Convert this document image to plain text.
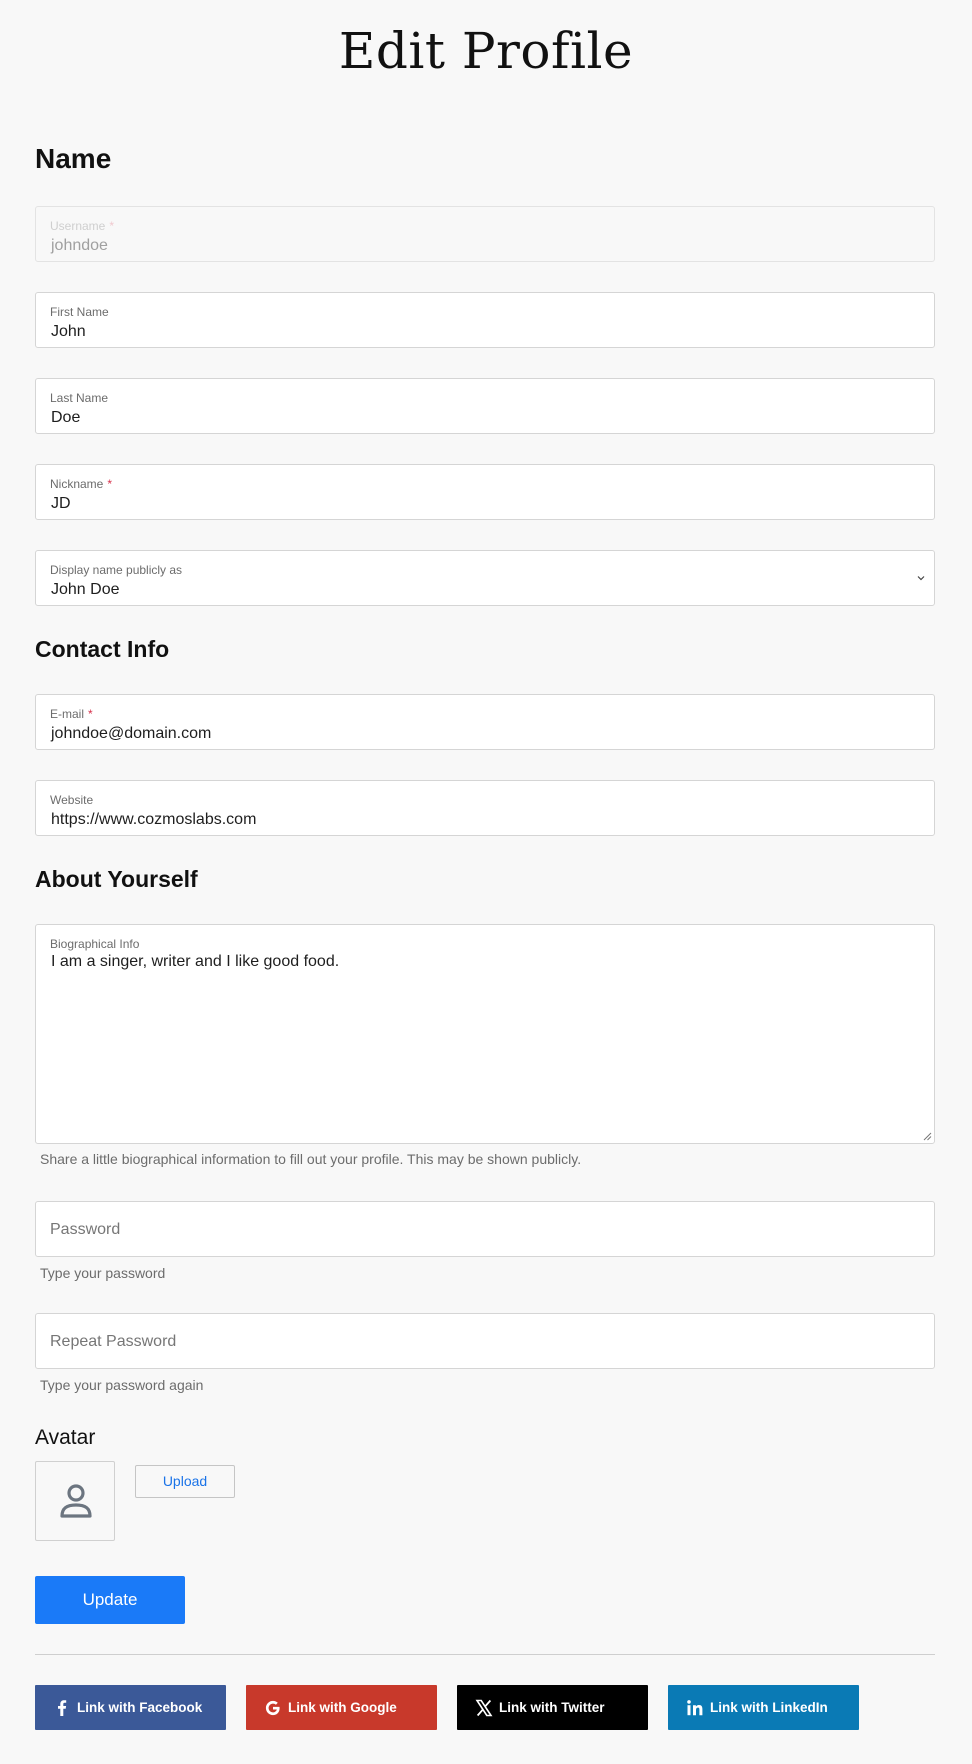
Edit Profile
Name
Username *
johndoe
First Name
John
Last Name
Doe
Nickname *
JD
Display name publicly as
John Doe
Contact Info
E-mail *
johndoe@domain.com
Website
https://www.cozmoslabs.com
About Yourself
Biographical Info
I am a singer, writer and I like good food.
Share a little biographical information to fill out your profile. This may be shown publicly.
Password
Type your password
Repeat Password
Type your password again
Avatar
Upload
Update
Link with Facebook	Link with Google	Link with Twitter	Link with LinkedIn
